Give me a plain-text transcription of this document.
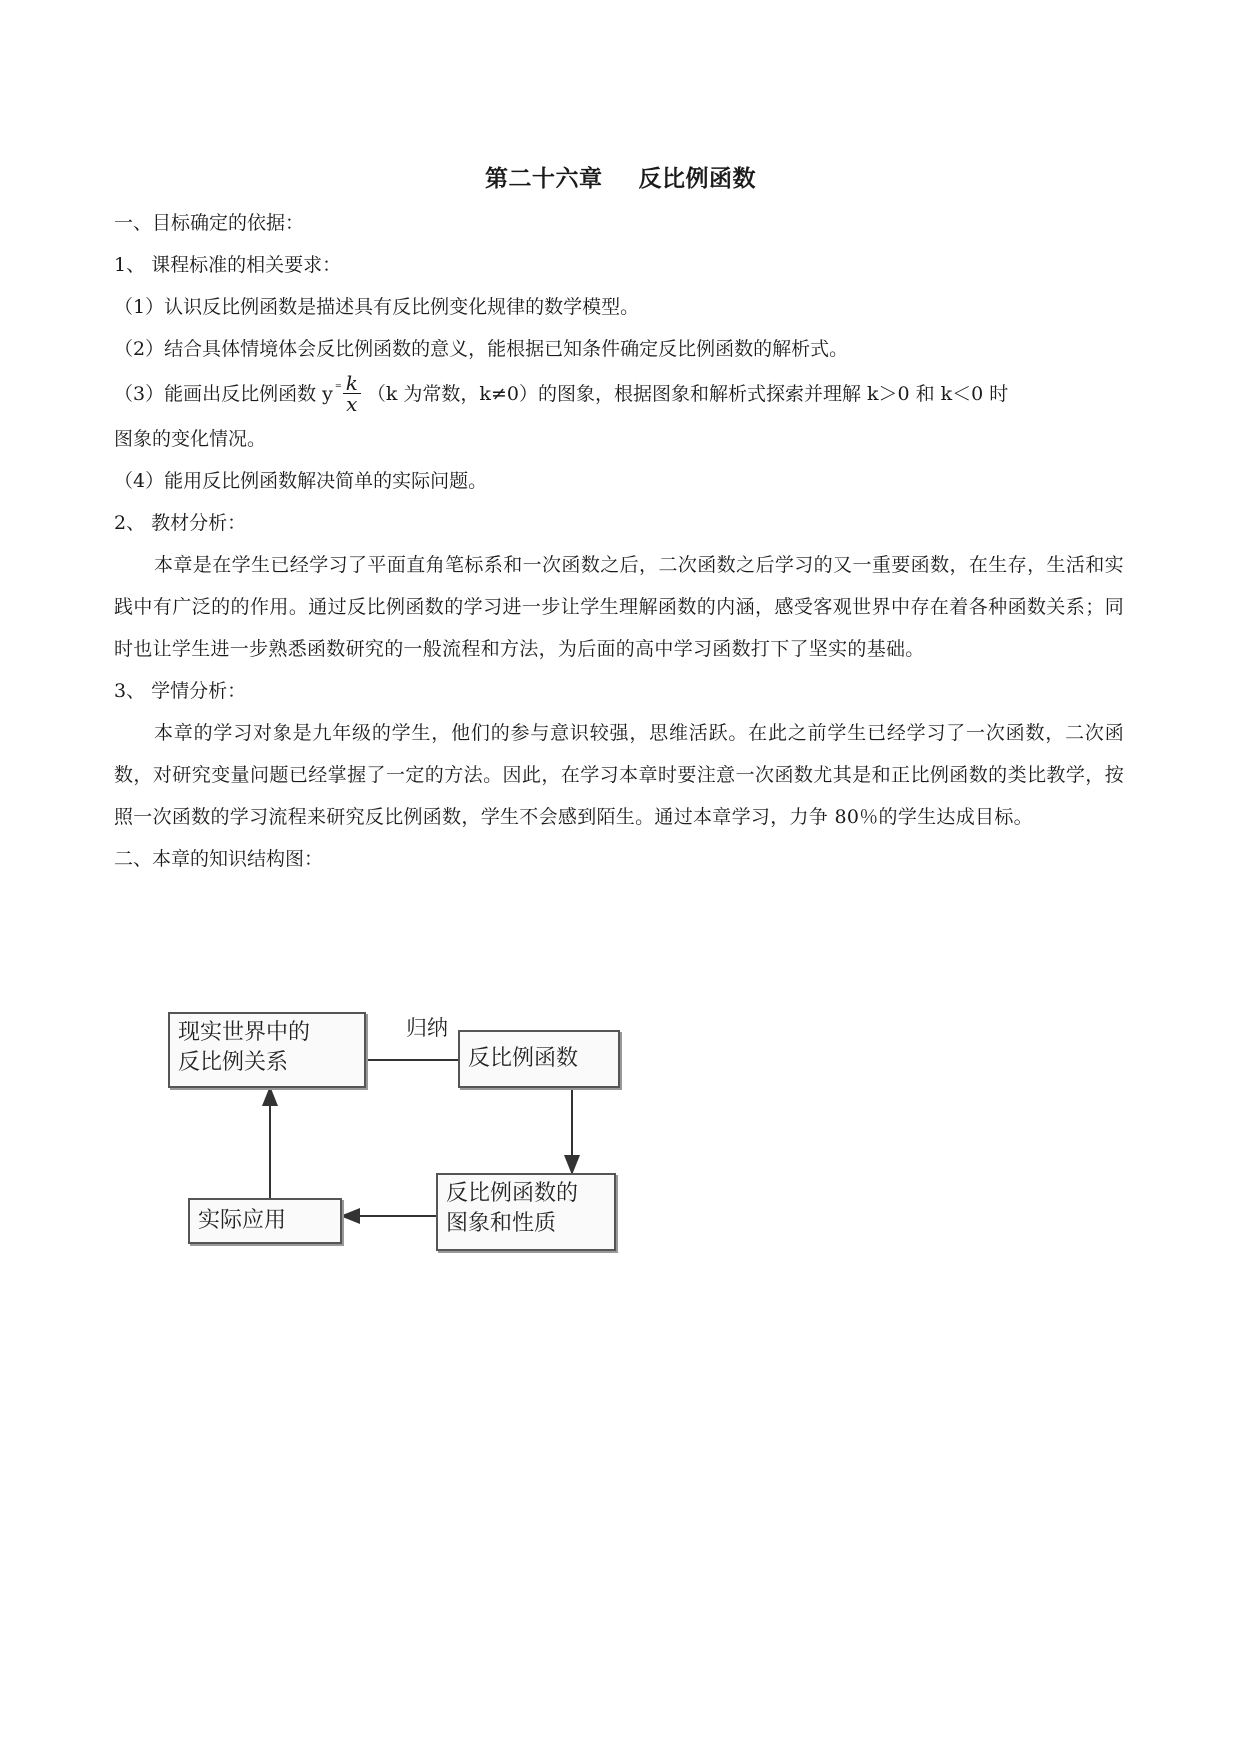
第二十六章 反比例函数
一、目标确定的依据：
1、 课程标准的相关要求：
（1）认识反比例函数是描述具有反比例变化规律的数学模型。
（2）结合具体情境体会反比例函数的意义，能根据已知条件确定反比例函数的解析式。
（3）能画出反比例函数 y $^{^=} \frac{k}{x} (k$ 为常数，k≠0）的图象，根据图象和解析式探索并理解 k＞0 和 k＜0 时
图象的变化情况。
（4）能用反比例函数解决简单的实际问题。
2、 教材分析：
本章是在学生已经学习了平面直角笔标系和一次函数之后，二次函数之后学习的又一重要函数，在生存，生活和实践中有广泛的的作用。通过反比例函数的学习进一步让学生理解函数的内涵，感受客观世界中存在着各种函数关系；同时也让学生进一步熟悉函数研究的一般流程和方法，为后面的高中学习函数打下了坚实的基础。
3、 学情分析：
本章的学习对象是九年级的学生，他们的参与意识较强，思维活跃。在此之前学生已经学习了一次函数，二次函数，对研究变量问题已经掌握了一定的方法。因此，在学习本章时要注意一次函数尤其是和正比例函数的类比教学，按照一次函数的学习流程来研究反比例函数，学生不会感到陌生。通过本章学习，力争 80％的学生达成目标。
二、本章的知识结构图：
归纳
现实世界中的
反比例关系	反比例函数
反比例函数的
图象和性质
实际应用
